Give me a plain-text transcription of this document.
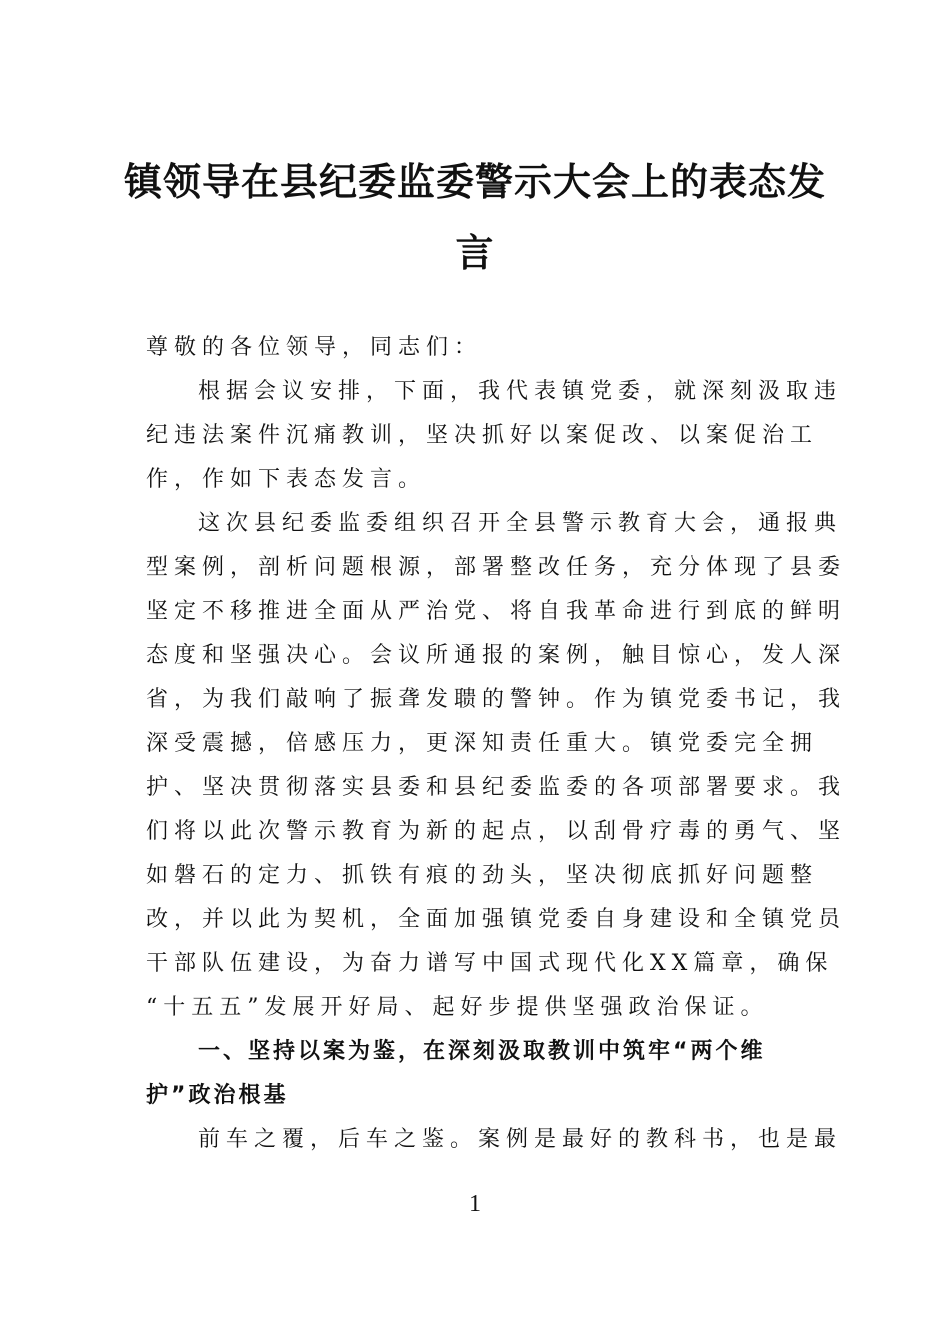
镇领导在县纪委监委警示大会上的表态发
言
尊敬的各位领导，同志们：
根据会议安排，下面，我代表镇党委，就深刻汲取违
纪违法案件沉痛教训，坚决抓好以案促改、以案促治工
作，作如下表态发言。
这次县纪委监委组织召开全县警示教育大会，通报典
型案例，剖析问题根源，部署整改任务，充分体现了县委
坚定不移推进全面从严治党、将自我革命进行到底的鲜明
态度和坚强决心。会议所通报的案例，触目惊心，发人深
省，为我们敲响了振聋发聩的警钟。作为镇党委书记，我
深受震撼，倍感压力，更深知责任重大。镇党委完全拥
护、坚决贯彻落实县委和县纪委监委的各项部署要求。我
们将以此次警示教育为新的起点，以刮骨疗毒的勇气、坚
如磐石的定力、抓铁有痕的劲头，坚决彻底抓好问题整
改，并以此为契机，全面加强镇党委自身建设和全镇党员
干部队伍建设，为奋力谱写中国式现代化XX篇章，确保
“十五五”发展开好局、起好步提供坚强政治保证。
一、坚持以案为鉴，在深刻汲取教训中筑牢“两个维
护”政治根基
前车之覆，后车之鉴。案例是最好的教科书，也是最
1
